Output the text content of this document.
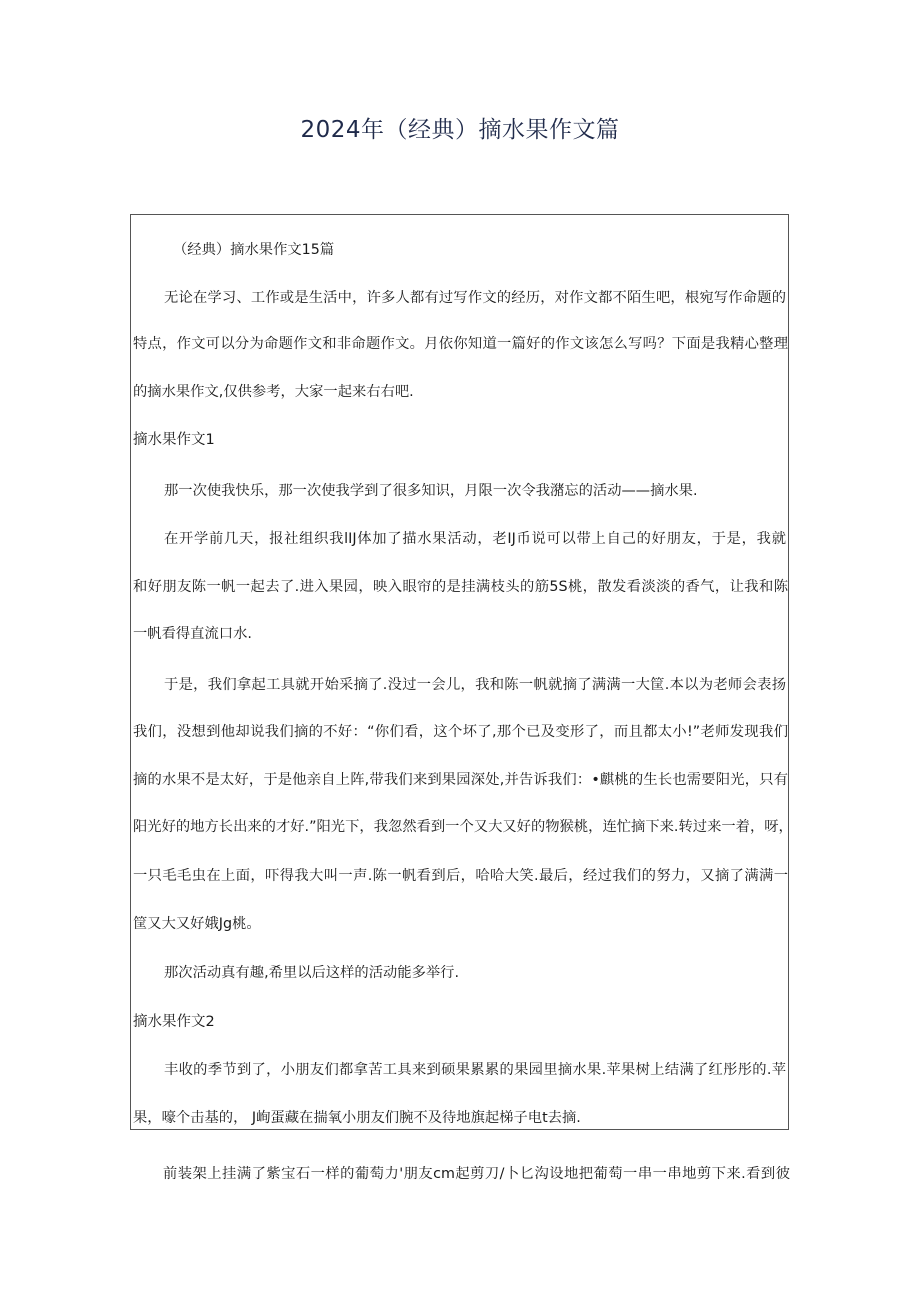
2024年（经典）摘水果作文篇
（经典）摘水果作文15篇
无论在学习、工作或是生活中，许多人都有过写作文的经历，对作文都不陌生吧，根宛写作命题的
特点，作文可以分为命题作文和非命题作文。月依你知道一篇好的作文该怎么写吗？下面是我精心整理
的摘水果作文,仅供参考，大家一起来右右吧.
摘水果作文1
那一次使我快乐，那一次使我学到了很多知识，月限一次令我潴忘的活动——摘水果.
在开学前几天，报社组织我lIJ体加了描水果活动，老IJ币说可以带上自己的好朋友，于是，我就
和好朋友陈一帆一起去了.进入果园，映入眼帘的是挂满枝头的筋5S桃，散发看淡淡的香气，让我和陈
一帆看得直流口水.
于是，我们拿起工具就开始采摘了.没过一会儿，我和陈一帆就摘了满满一大筐.本以为老师会表扬
我们，没想到他却说我们摘的不好：“你们看，这个坏了,那个已及变形了，而且都太小!”老师发现我们
摘的水果不是太好，于是他亲自上阵,带我们来到果园深处,并告诉我们：•麒桃的生长也需要阳光，只有
阳光好的地方长出来的才好.”阳光下，我忽然看到一个又大又好的物猴桃，连忙摘下来.转过来一着，呀，
一只毛毛虫在上面，吓得我大叫一声.陈一帆看到后，哈哈大笑.最后，经过我们的努力，又摘了满满一
筐又大又好娥Jg桃。
那次活动真有趣,希里以后这样的活动能多举行.
摘水果作文2
丰收的季节到了，小朋友们都拿苦工具来到硕果累累的果园里摘水果.苹果树上结满了红彤彤的.苹
果，嚎个击基的， J峋蛋藏在揣氧小朋友们腕不及待地旗起梯子电t去摘.
前装架上挂满了紫宝石一样的葡萄力'朋友cm起剪刀/卜匕沟设地把葡萄一串一串地剪下来.看到彼
